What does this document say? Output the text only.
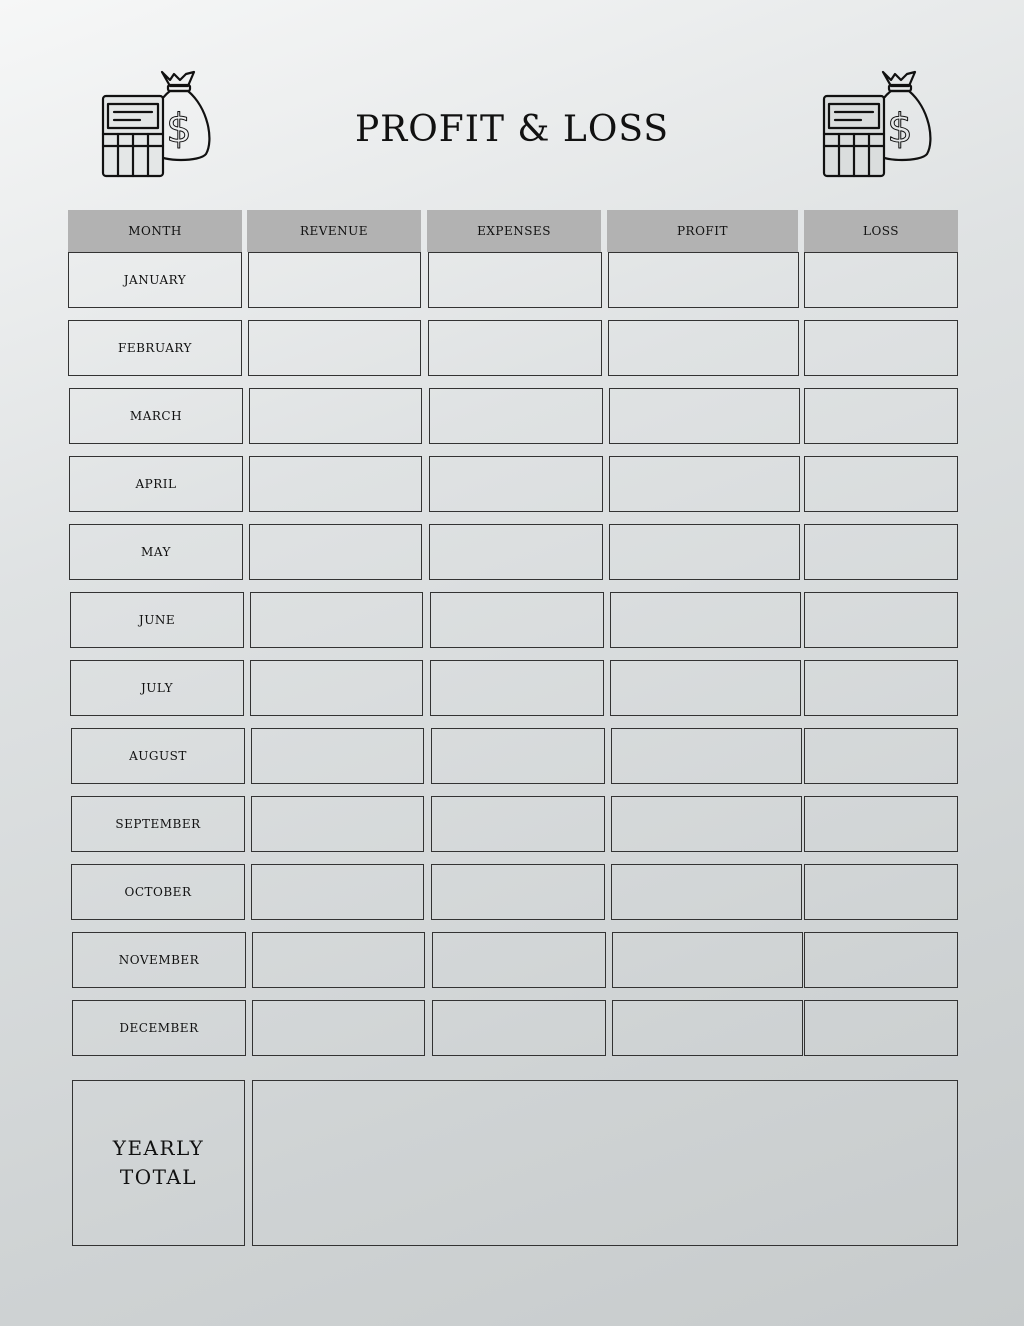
$	PROFIT & LOSS	$
MONTH	REVENUE	EXPENSES	PROFIT	LOSS
JANUARY
FEBRUARY
MARCH
APRIL
MAY
JUNE
JULY
AUGUST
SEPTEMBER
OCTOBER
NOVEMBER
DECEMBER
YEARLY
TOTAL
